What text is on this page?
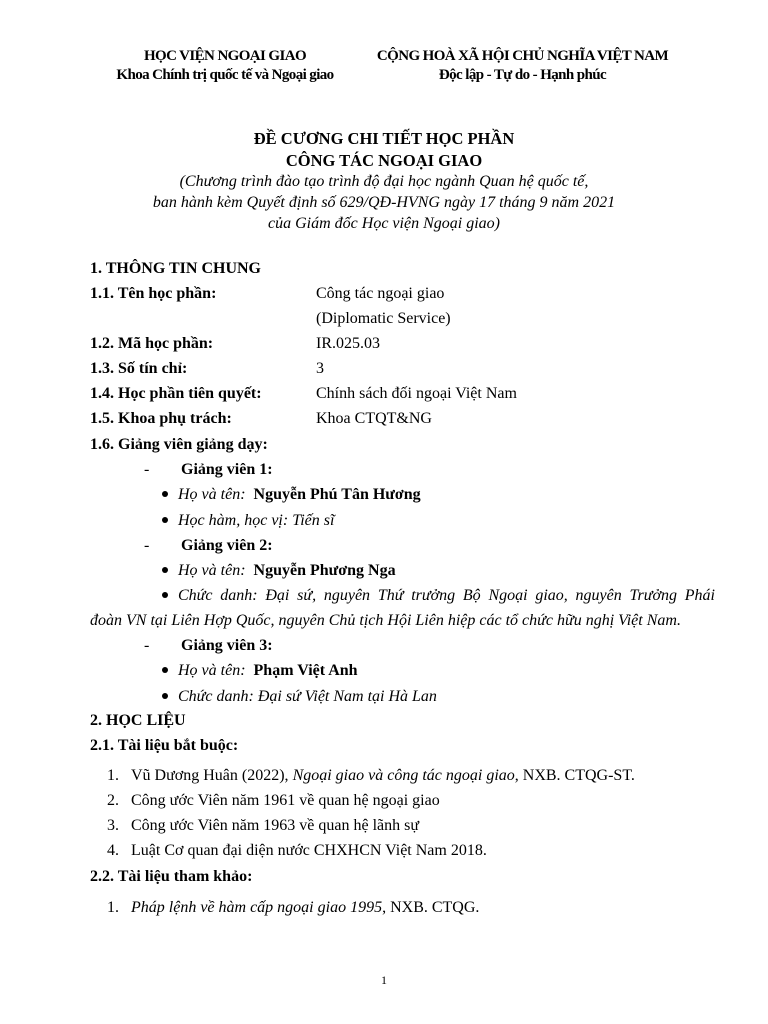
HỌC VIỆN NGOẠI GIAO
Khoa Chính trị quốc tế và Ngoại giao
CỘNG HOÀ XÃ HỘI CHỦ NGHĨA VIỆT NAM
Độc lập - Tự do - Hạnh phúc
ĐỀ CƯƠNG CHI TIẾT HỌC PHẦN
CÔNG TÁC NGOẠI GIAO
(Chương trình đào tạo trình độ đại học ngành Quan hệ quốc tế,
ban hành kèm Quyết định số 629/QĐ-HVNG ngày 17 tháng 9 năm 2021
của Giám đốc Học viện Ngoại giao)
1. THÔNG TIN CHUNG
1.1. Tên học phần:	Công tác ngoại giao
(Diplomatic Service)
1.2. Mã học phần:	IR.025.03
1.3. Số tín chỉ:	3
1.4. Học phần tiên quyết:	Chính sách đối ngoại Việt Nam
1.5. Khoa phụ trách:	Khoa CTQT&NG
1.6. Giảng viên giảng dạy:
- Giảng viên 1:
Họ và tên: Nguyễn Phú Tân Hương
Học hàm, học vị: Tiến sĩ
- Giảng viên 2:
Họ và tên: Nguyễn Phương Nga
Chức danh: Đại sứ, nguyên Thứ trưởng Bộ Ngoại giao, nguyên Trưởng Phái
đoàn VN tại Liên Hợp Quốc, nguyên Chủ tịch Hội Liên hiệp các tổ chức hữu nghị Việt Nam.
- Giảng viên 3:
Họ và tên: Phạm Việt Anh
Chức danh: Đại sứ Việt Nam tại Hà Lan
2. HỌC LIỆU
2.1. Tài liệu bắt buộc:
1. Vũ Dương Huân (2022), Ngoại giao và công tác ngoại giao, NXB. CTQG-ST.
2. Công ước Viên năm 1961 về quan hệ ngoại giao
3. Công ước Viên năm 1963 về quan hệ lãnh sự
4. Luật Cơ quan đại diện nước CHXHCN Việt Nam 2018.
2.2. Tài liệu tham khảo:
1. Pháp lệnh về hàm cấp ngoại giao 1995, NXB. CTQG.
1
